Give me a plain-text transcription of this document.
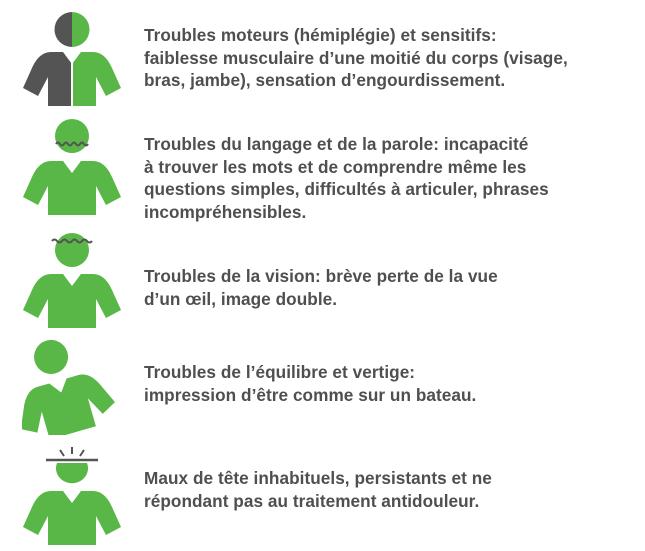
Troubles moteurs (hémiplégie) et sensitifs:
faiblesse musculaire d’une moitié du corps (visage,
bras, jambe), sensation d’engourdissement.

Troubles du langage et de la parole: incapacité
à trouver les mots et de comprendre même les
questions simples, difficultés à articuler, phrases
incompréhensibles.

Troubles de la vision: brève perte de la vue
d’un œil, image double.

Troubles de l’équilibre et vertige:
impression d’être comme sur un bateau.

Maux de tête inhabituels, persistants et ne
répondant pas au traitement antidouleur.
